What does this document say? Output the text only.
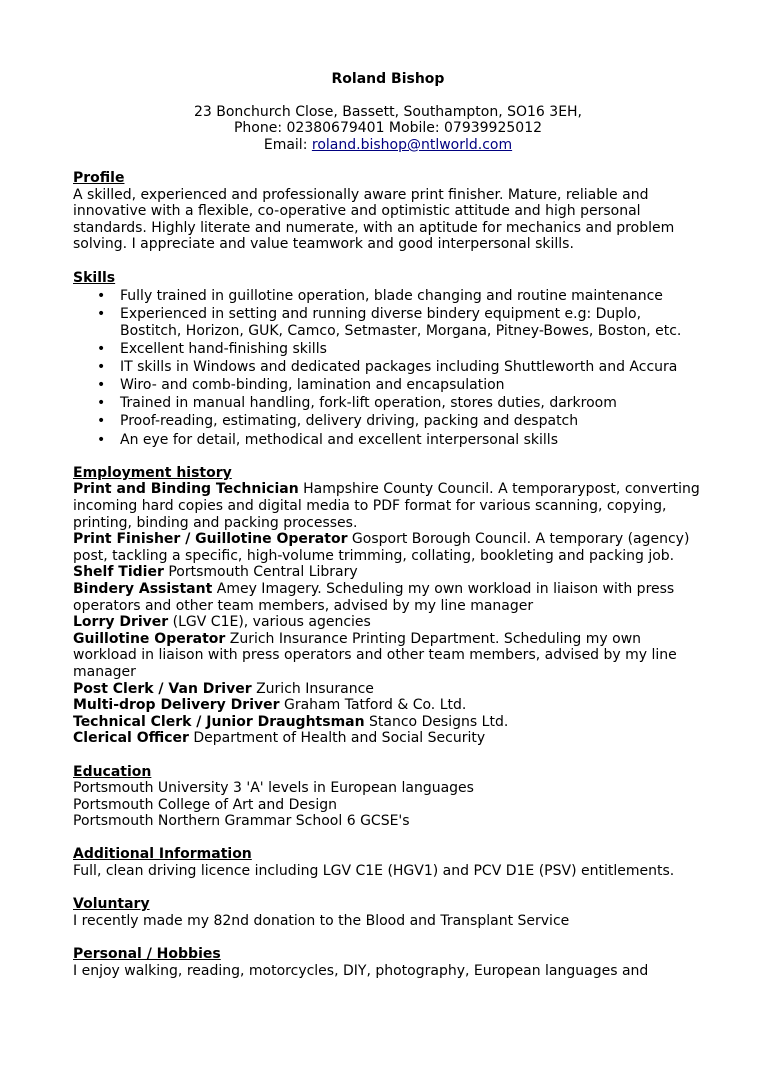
Roland Bishop
23 Bonchurch Close, Bassett, Southampton, SO16 3EH,
Phone: 02380679401 Mobile: 07939925012
Email: roland.bishop@ntlworld.com
Profile

A skilled, experienced and professionally aware print finisher. Mature, reliable and innovative with a flexible, co-operative and optimistic attitude and high personal standards. Highly literate and numerate, with an aptitude for mechanics and problem solving. I appreciate and value teamwork and good interpersonal skills.

Skills
• Fully trained in guillotine operation, blade changing and routine maintenance
• Experienced in setting and running diverse bindery equipment e.g: Duplo, Bostitch, Horizon, GUK, Camco, Setmaster, Morgana, Pitney-Bowes, Boston, etc.
• Excellent hand-finishing skills
• IT skills in Windows and dedicated packages including Shuttleworth and Accura
• Wiro- and comb-binding, lamination and encapsulation
• Trained in manual handling, fork-lift operation, stores duties, darkroom
• Proof-reading, estimating, delivery driving, packing and despatch
• An eye for detail, methodical and excellent interpersonal skills
Employment history
Print and Binding Technician Hampshire County Council. A temporarypost, converting incoming hard copies and digital media to PDF format for various scanning, copying, printing, binding and packing processes.
Print Finisher / Guillotine Operator Gosport Borough Council. A temporary (agency) post, tackling a specific, high-volume trimming, collating, bookleting and packing job.
Shelf Tidier Portsmouth Central Library
Bindery Assistant Amey Imagery. Scheduling my own workload in liaison with press operators and other team members, advised by my line manager
Lorry Driver (LGV C1E), various agencies
Guillotine Operator Zurich Insurance Printing Department. Scheduling my own workload in liaison with press operators and other team members, advised by my line manager
Post Clerk / Van Driver Zurich Insurance
Multi-drop Delivery Driver Graham Tatford & Co. Ltd.
Technical Clerk / Junior Draughtsman Stanco Designs Ltd.
Clerical Officer Department of Health and Social Security
Education
Portsmouth University 3 'A' levels in European languages
Portsmouth College of Art and Design
Portsmouth Northern Grammar School 6 GCSE's
Additional Information
Full, clean driving licence including LGV C1E (HGV1) and PCV D1E (PSV) entitlements.
Voluntary
I recently made my 82nd donation to the Blood and Transplant Service
Personal / Hobbies
I enjoy walking, reading, motorcycles, DIY, photography, European languages and
